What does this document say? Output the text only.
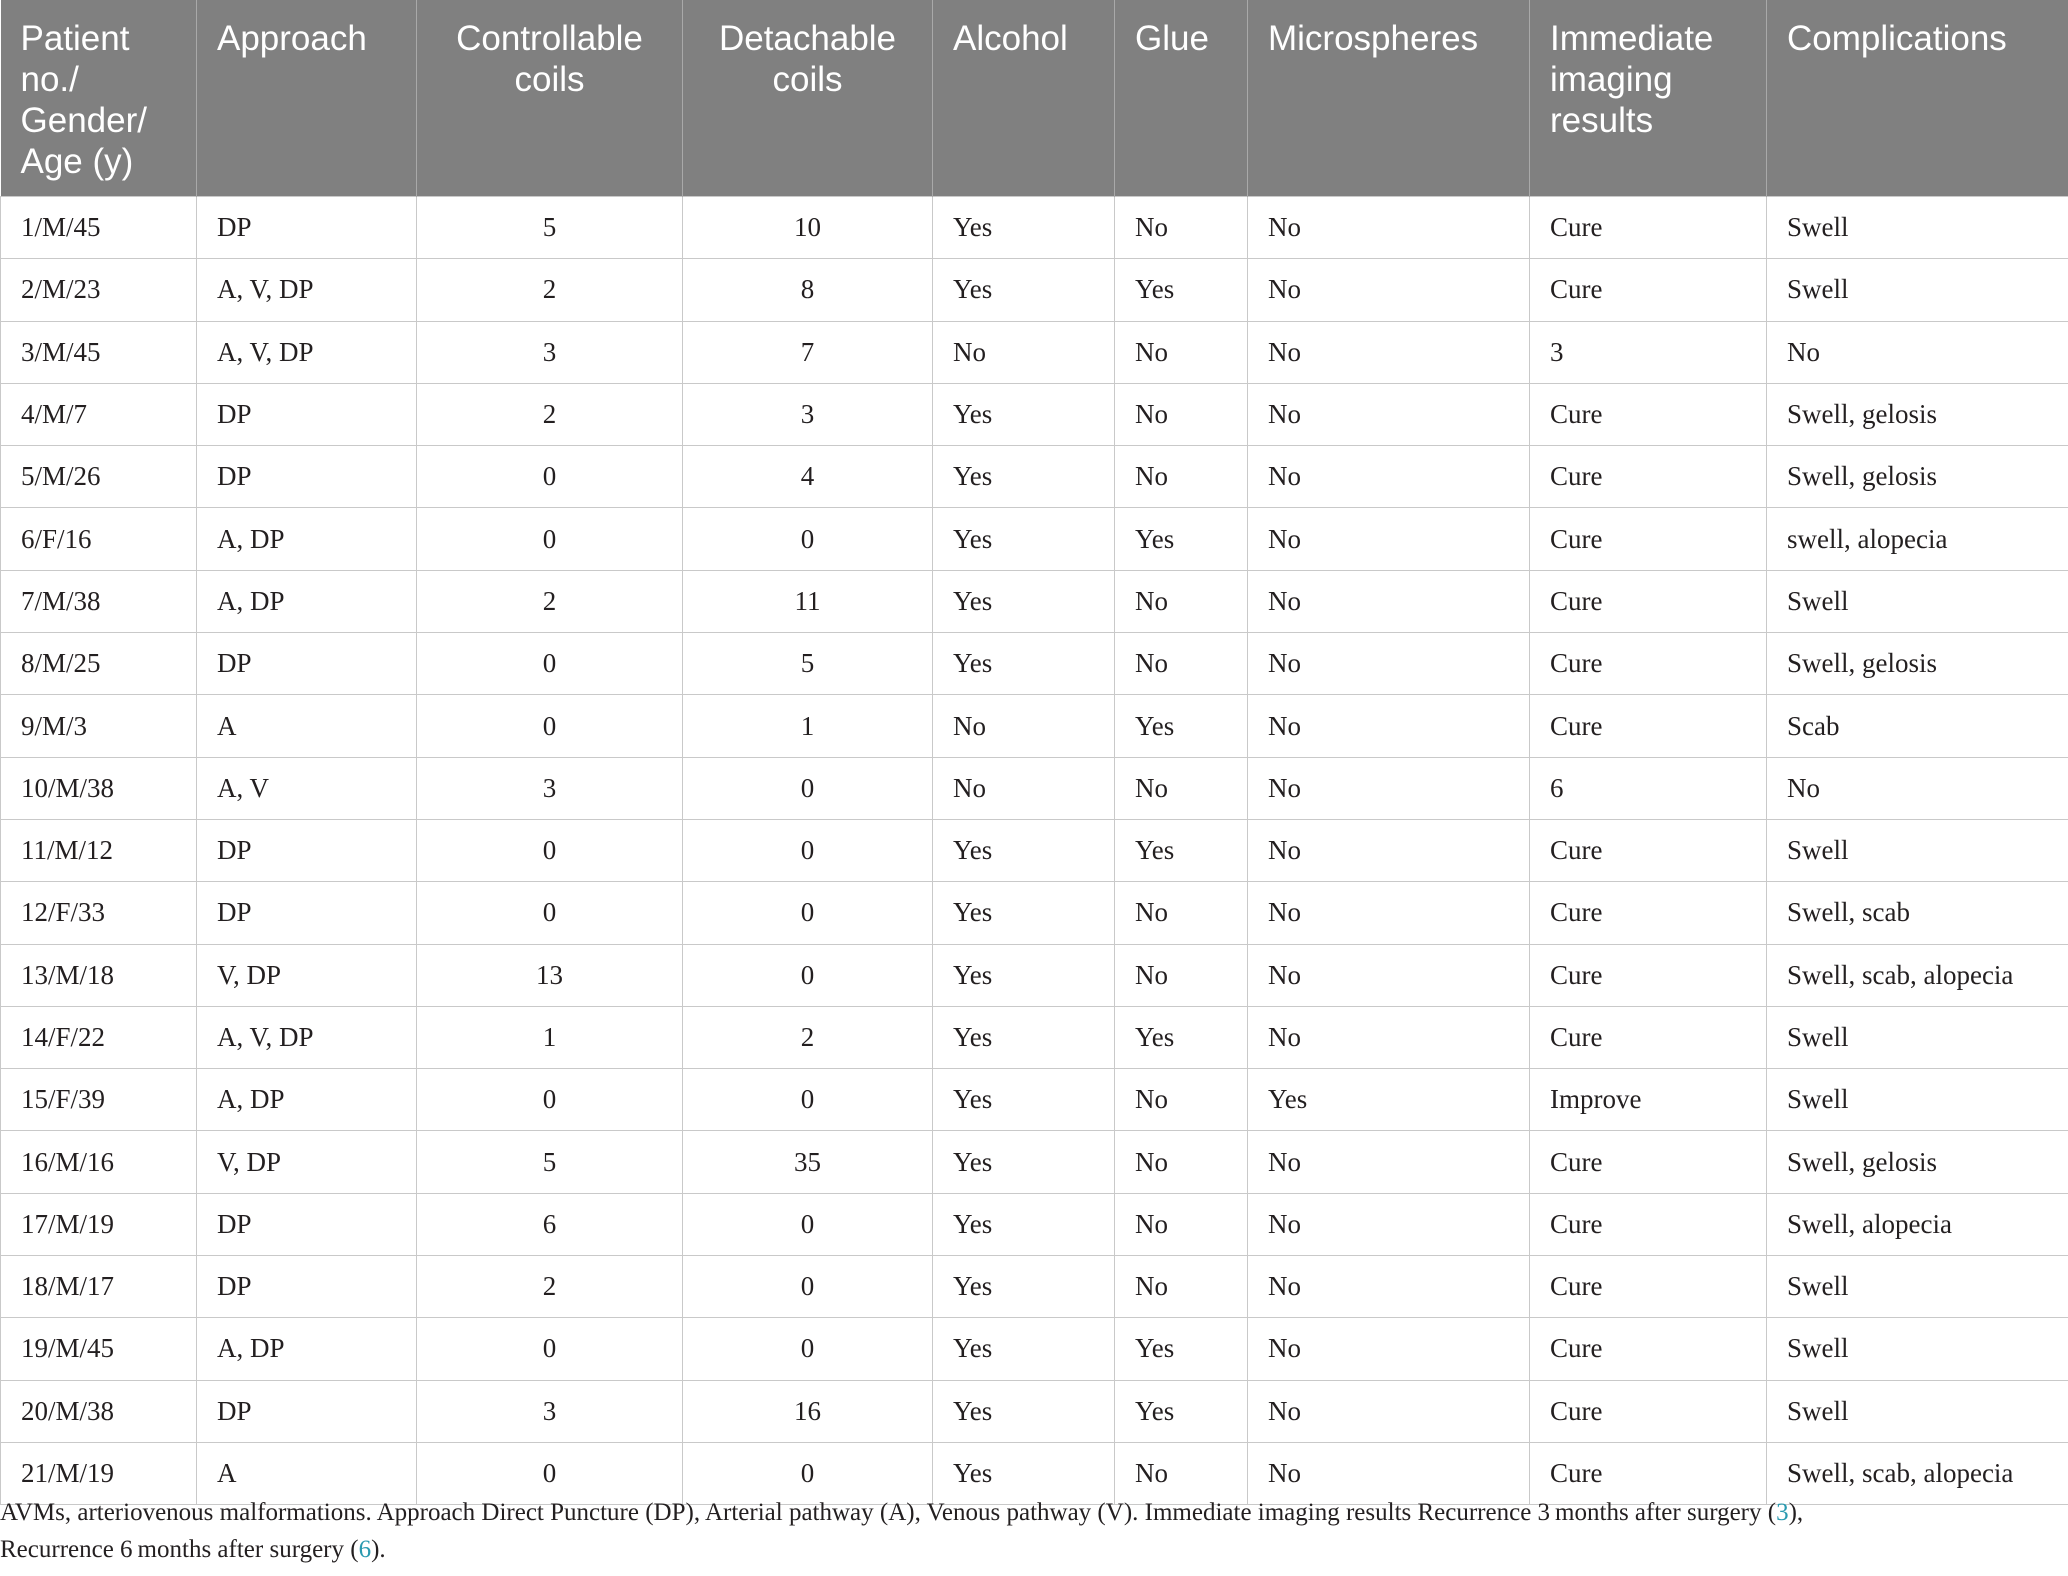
Patient no./ Gender/ Age (y)	Approach	Controllable coils	Detachable coils	Alcohol	Glue	Microspheres	Immediate imaging results	Complications
1/M/45	DP	5	10	Yes	No	No	Cure	Swell
2/M/23	A, V, DP	2	8	Yes	Yes	No	Cure	Swell
3/M/45	A, V, DP	3	7	No	No	No	3	No
4/M/7	DP	2	3	Yes	No	No	Cure	Swell, gelosis
5/M/26	DP	0	4	Yes	No	No	Cure	Swell, gelosis
6/F/16	A, DP	0	0	Yes	Yes	No	Cure	swell, alopecia
7/M/38	A, DP	2	11	Yes	No	No	Cure	Swell
8/M/25	DP	0	5	Yes	No	No	Cure	Swell, gelosis
9/M/3	A	0	1	No	Yes	No	Cure	Scab
10/M/38	A, V	3	0	No	No	No	6	No
11/M/12	DP	0	0	Yes	Yes	No	Cure	Swell
12/F/33	DP	0	0	Yes	No	No	Cure	Swell, scab
13/M/18	V, DP	13	0	Yes	No	No	Cure	Swell, scab, alopecia
14/F/22	A, V, DP	1	2	Yes	Yes	No	Cure	Swell
15/F/39	A, DP	0	0	Yes	No	Yes	Improve	Swell
16/M/16	V, DP	5	35	Yes	No	No	Cure	Swell, gelosis
17/M/19	DP	6	0	Yes	No	No	Cure	Swell, alopecia
18/M/17	DP	2	0	Yes	No	No	Cure	Swell
19/M/45	A, DP	0	0	Yes	Yes	No	Cure	Swell
20/M/38	DP	3	16	Yes	Yes	No	Cure	Swell
21/M/19	A	0	0	Yes	No	No	Cure	Swell, scab, alopecia
AVMs, arteriovenous malformations. Approach Direct Puncture (DP), Arterial pathway (A), Venous pathway (V). Immediate imaging results Recurrence 3 months after surgery (3),
Recurrence 6 months after surgery (6).
